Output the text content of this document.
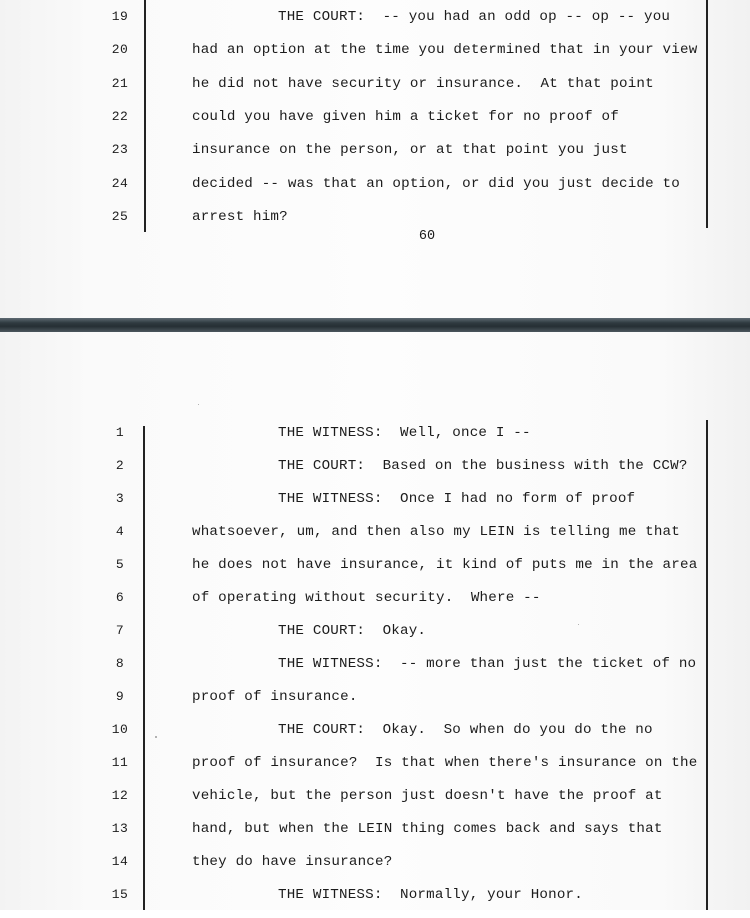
19	THE COURT:  -- you had an odd op -- op -- you
20	had an option at the time you determined that in your view
21	he did not have security or insurance.  At that point
22	could you have given him a ticket for no proof of
23	insurance on the person, or at that point you just
24	decided -- was that an option, or did you just decide to
25	arrest him?
60
1	THE WITNESS:  Well, once I --
2	THE COURT:  Based on the business with the CCW?
3	THE WITNESS:  Once I had no form of proof
4	whatsoever, um, and then also my LEIN is telling me that
5	he does not have insurance, it kind of puts me in the area
6	of operating without security.  Where --
7	THE COURT:  Okay.
8	THE WITNESS:  -- more than just the ticket of no
9	proof of insurance.
10	THE COURT:  Okay.  So when do you do the no
11	proof of insurance?  Is that when there's insurance on the
12	vehicle, but the person just doesn't have the proof at
13	hand, but when the LEIN thing comes back and says that
14	they do have insurance?
15	THE WITNESS:  Normally, your Honor.
